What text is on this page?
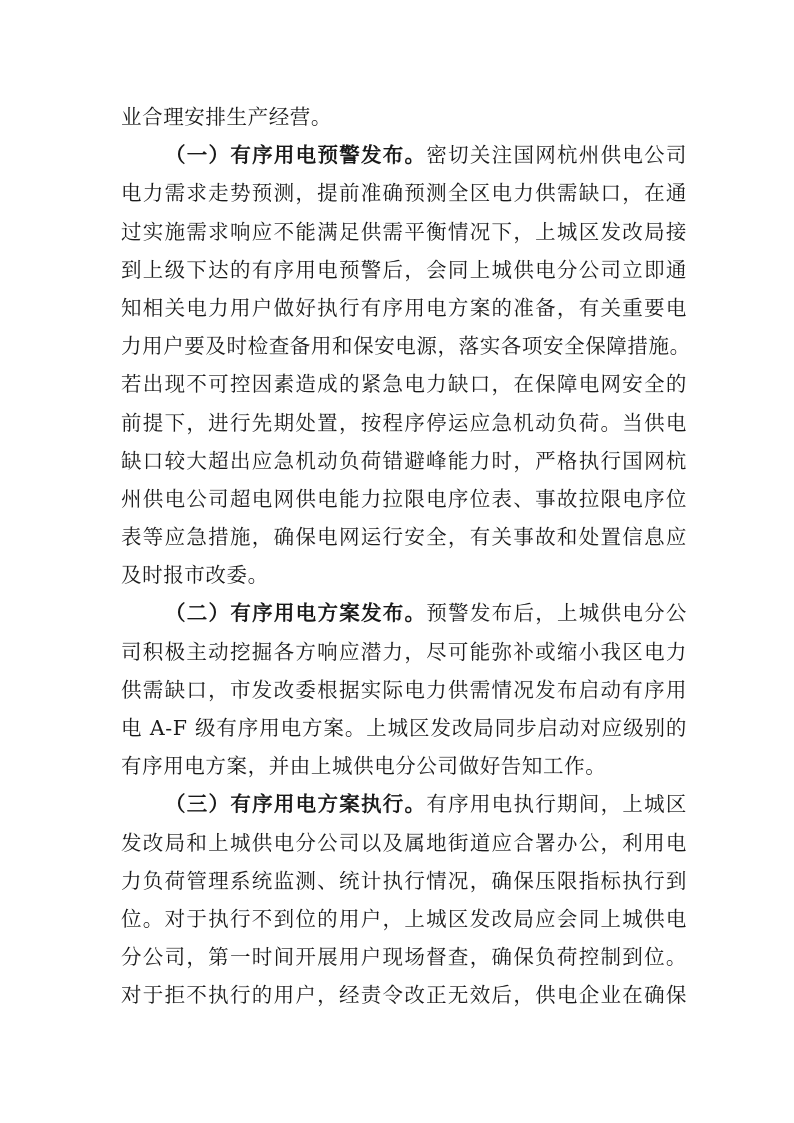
业合理安排生产经营。
（一）有序用电预警发布。密切关注国网杭州供电公司
电力需求走势预测，提前准确预测全区电力供需缺口，在通
过实施需求响应不能满足供需平衡情况下，上城区发改局接
到上级下达的有序用电预警后，会同上城供电分公司立即通
知相关电力用户做好执行有序用电方案的准备，有关重要电
力用户要及时检查备用和保安电源，落实各项安全保障措施。
若出现不可控因素造成的紧急电力缺口，在保障电网安全的
前提下，进行先期处置，按程序停运应急机动负荷。当供电
缺口较大超出应急机动负荷错避峰能力时，严格执行国网杭
州供电公司超电网供电能力拉限电序位表、事故拉限电序位
表等应急措施，确保电网运行安全，有关事故和处置信息应
及时报市改委。
（二）有序用电方案发布。预警发布后，上城供电分公
司积极主动挖掘各方响应潜力，尽可能弥补或缩小我区电力
供需缺口，市发改委根据实际电力供需情况发布启动有序用
电 A-F 级有序用电方案。上城区发改局同步启动对应级别的
有序用电方案，并由上城供电分公司做好告知工作。
（三）有序用电方案执行。有序用电执行期间，上城区
发改局和上城供电分公司以及属地街道应合署办公，利用电
力负荷管理系统监测、统计执行情况，确保压限指标执行到
位。对于执行不到位的用户，上城区发改局应会同上城供电
分公司，第一时间开展用户现场督查，确保负荷控制到位。
对于拒不执行的用户，经责令改正无效后，供电企业在确保
